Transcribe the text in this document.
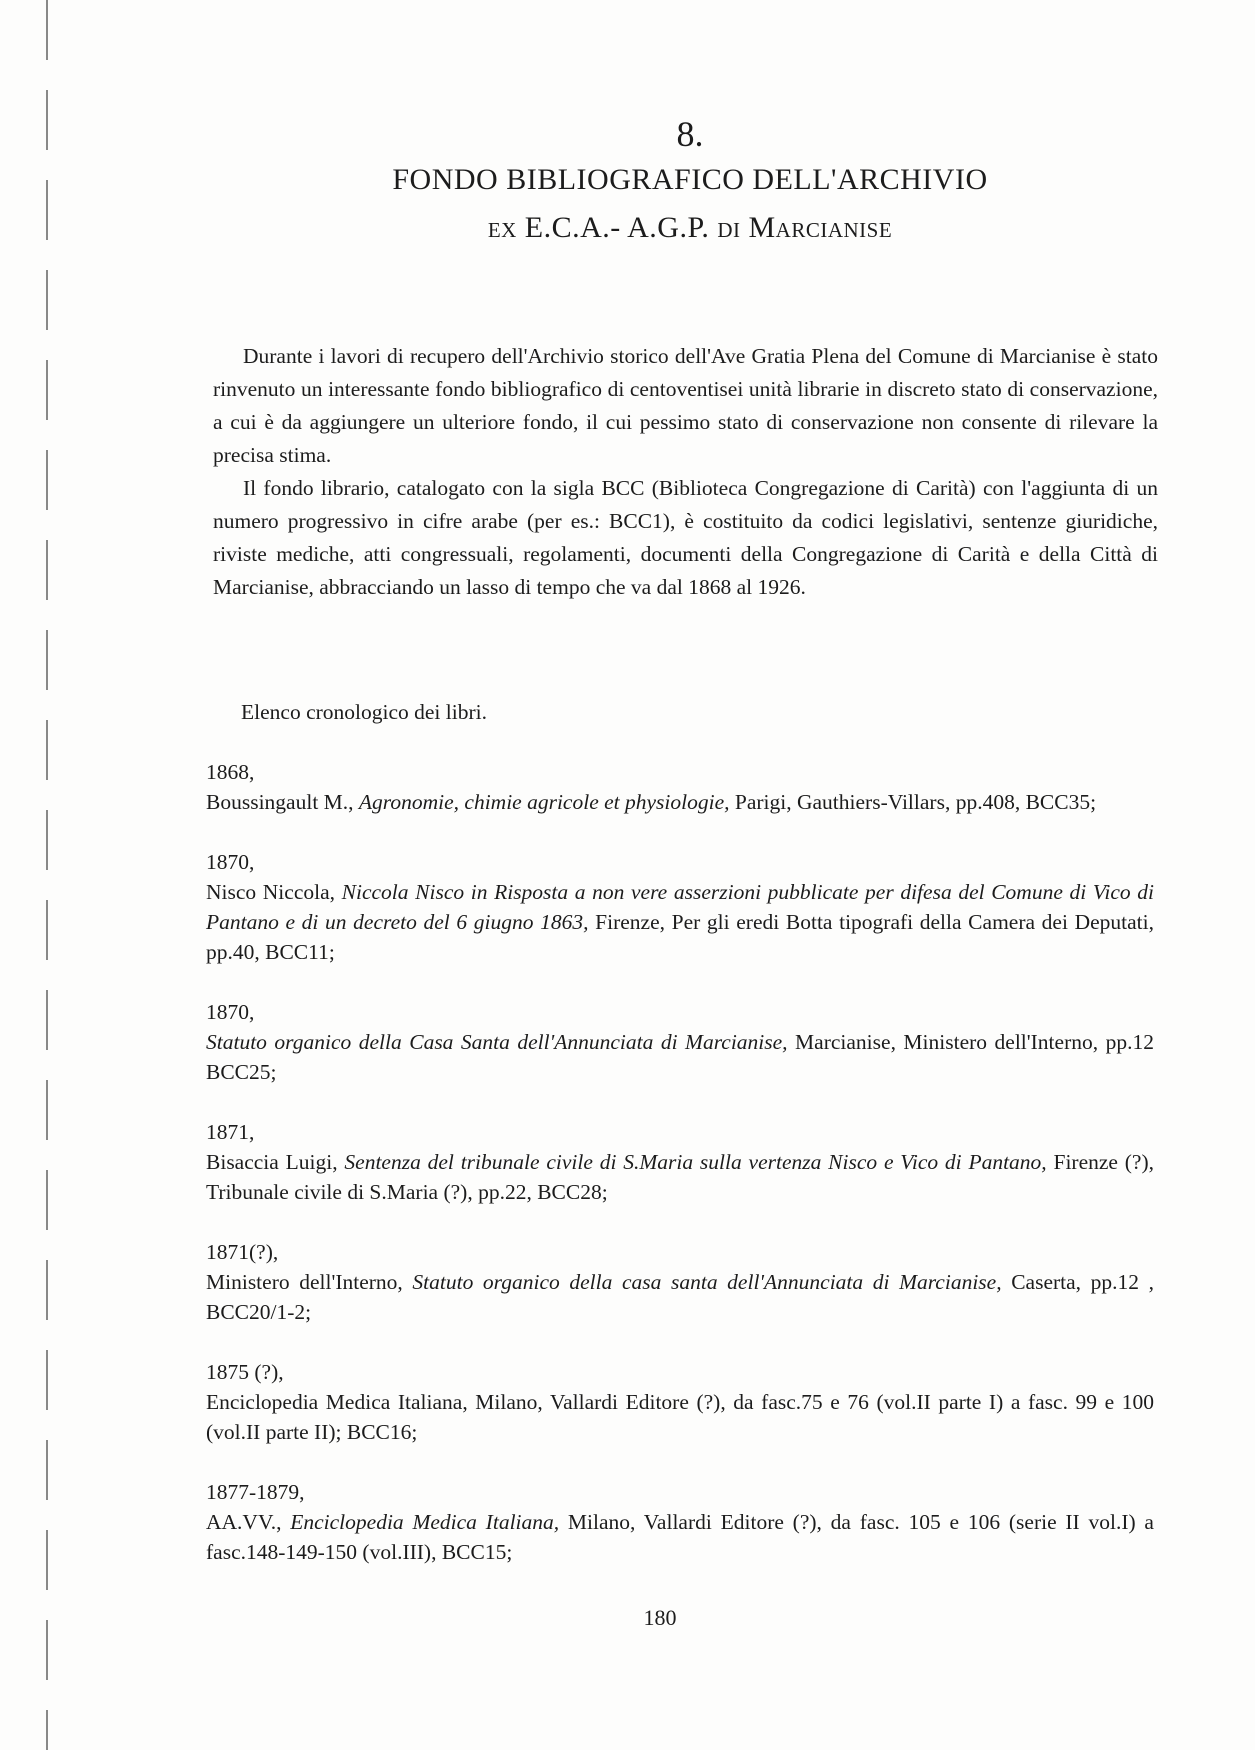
8.
FONDO BIBLIOGRAFICO DELL'ARCHIVIO
ex E.C.A.- A.G.P. di Marcianise

Durante i lavori di recupero dell'Archivio storico dell'Ave Gratia Plena del Comune di Marcianise è stato rinvenuto un interessante fondo bibliografico di centoventisei unità librarie in discreto stato di conservazione, a cui è da aggiungere un ulteriore fondo, il cui pessimo stato di conservazione non consente di rilevare la precisa stima.

Il fondo librario, catalogato con la sigla BCC (Biblioteca Congregazione di Carità) con l'aggiunta di un numero progressivo in cifre arabe (per es.: BCC1), è costituito da codici legislativi, sentenze giuridiche, riviste mediche, atti congressuali, regolamenti, documenti della Congregazione di Carità e della Città di Marcianise, abbracciando un lasso di tempo che va dal 1868 al 1926.

Elenco cronologico dei libri.
1868,
Boussingault M., Agronomie, chimie agricole et physiologie, Parigi, Gauthiers-Villars, pp.408, BCC35;
1870,
Nisco Niccola, Niccola Nisco in Risposta a non vere asserzioni pubblicate per difesa del Comune di Vico di Pantano e di un decreto del 6 giugno 1863, Firenze, Per gli eredi Botta tipografi della Camera dei Deputati, pp.40, BCC11;
1870,
Statuto organico della Casa Santa dell'Annunciata di Marcianise, Marcianise, Ministero dell'Interno, pp.12 BCC25;
1871,
Bisaccia Luigi, Sentenza del tribunale civile di S.Maria sulla vertenza Nisco e Vico di Pantano, Firenze (?), Tribunale civile di S.Maria (?), pp.22, BCC28;
1871(?),
Ministero dell'Interno, Statuto organico della casa santa dell'Annunciata di Marcianise, Caserta, pp.12 , BCC20/1-2;
1875 (?),
Enciclopedia Medica Italiana, Milano, Vallardi Editore (?), da fasc.75 e 76 (vol.II parte I) a fasc. 99 e 100 (vol.II parte II); BCC16;
1877-1879,
AA.VV., Enciclopedia Medica Italiana, Milano, Vallardi Editore (?), da fasc. 105 e 106 (serie II vol.I) a fasc.148-149-150 (vol.III), BCC15;
180
